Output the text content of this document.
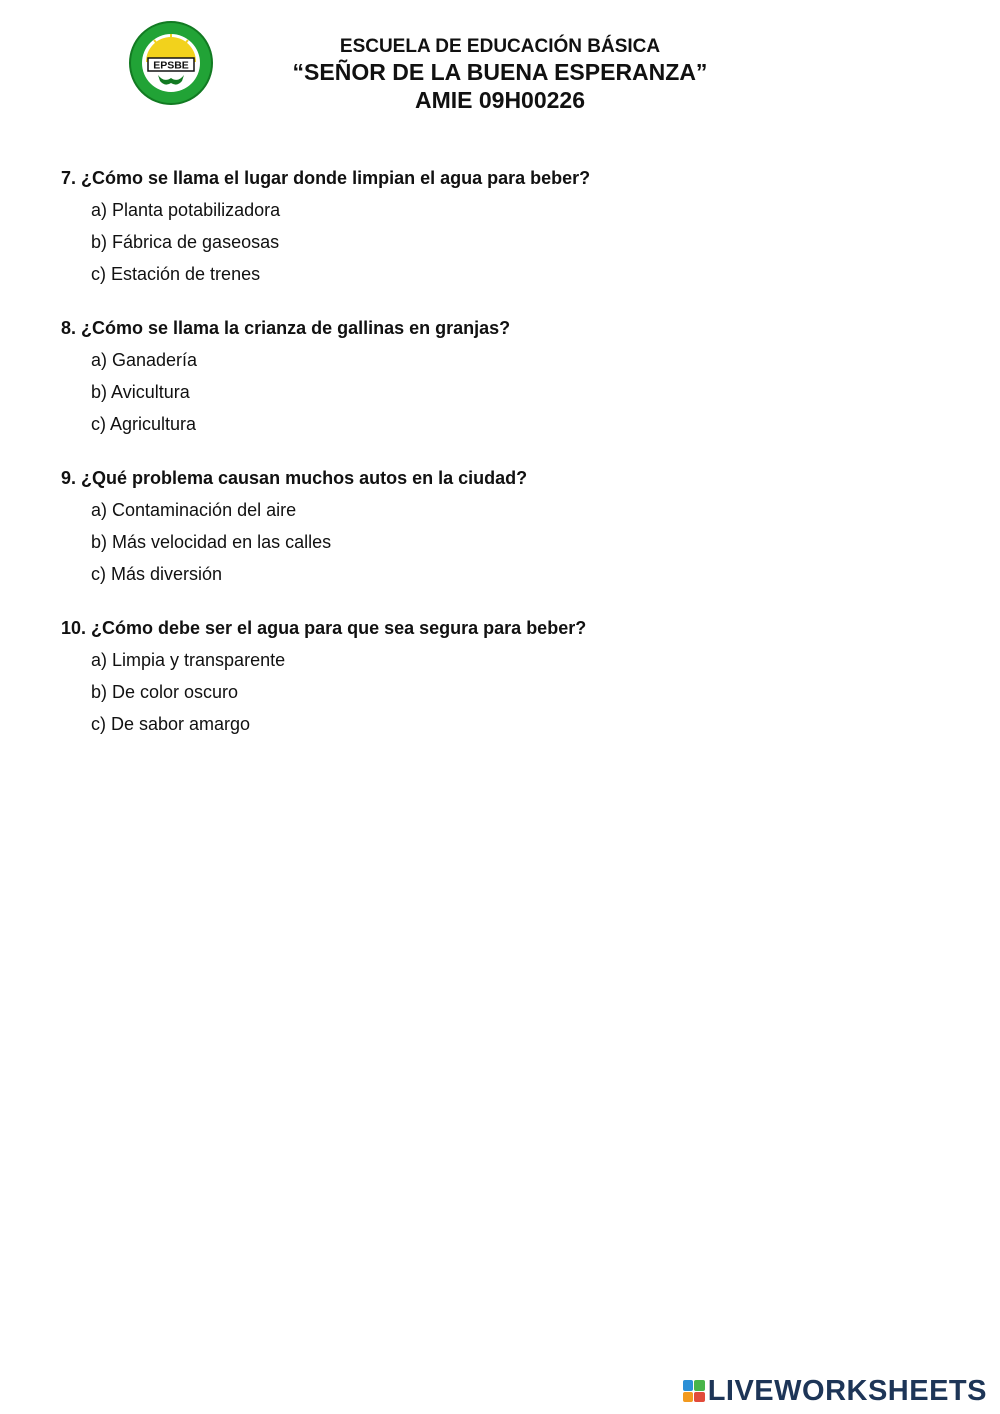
EPSBE
ESCUELA DE EDUCACIÓN BÁSICA
“SEÑOR DE LA BUENA ESPERANZA”
AMIE 09H00226
7. ¿Cómo se llama el lugar donde limpian el agua para beber?
a) Planta potabilizadora
b) Fábrica de gaseosas
c) Estación de trenes
8. ¿Cómo se llama la crianza de gallinas en granjas?
a) Ganadería
b) Avicultura
c) Agricultura
9. ¿Qué problema causan muchos autos en la ciudad?
a) Contaminación del aire
b) Más velocidad en las calles
c) Más diversión
10. ¿Cómo debe ser el agua para que sea segura para beber?
a) Limpia y transparente
b) De color oscuro
c) De sabor amargo
LIVEWORKSHEETS
